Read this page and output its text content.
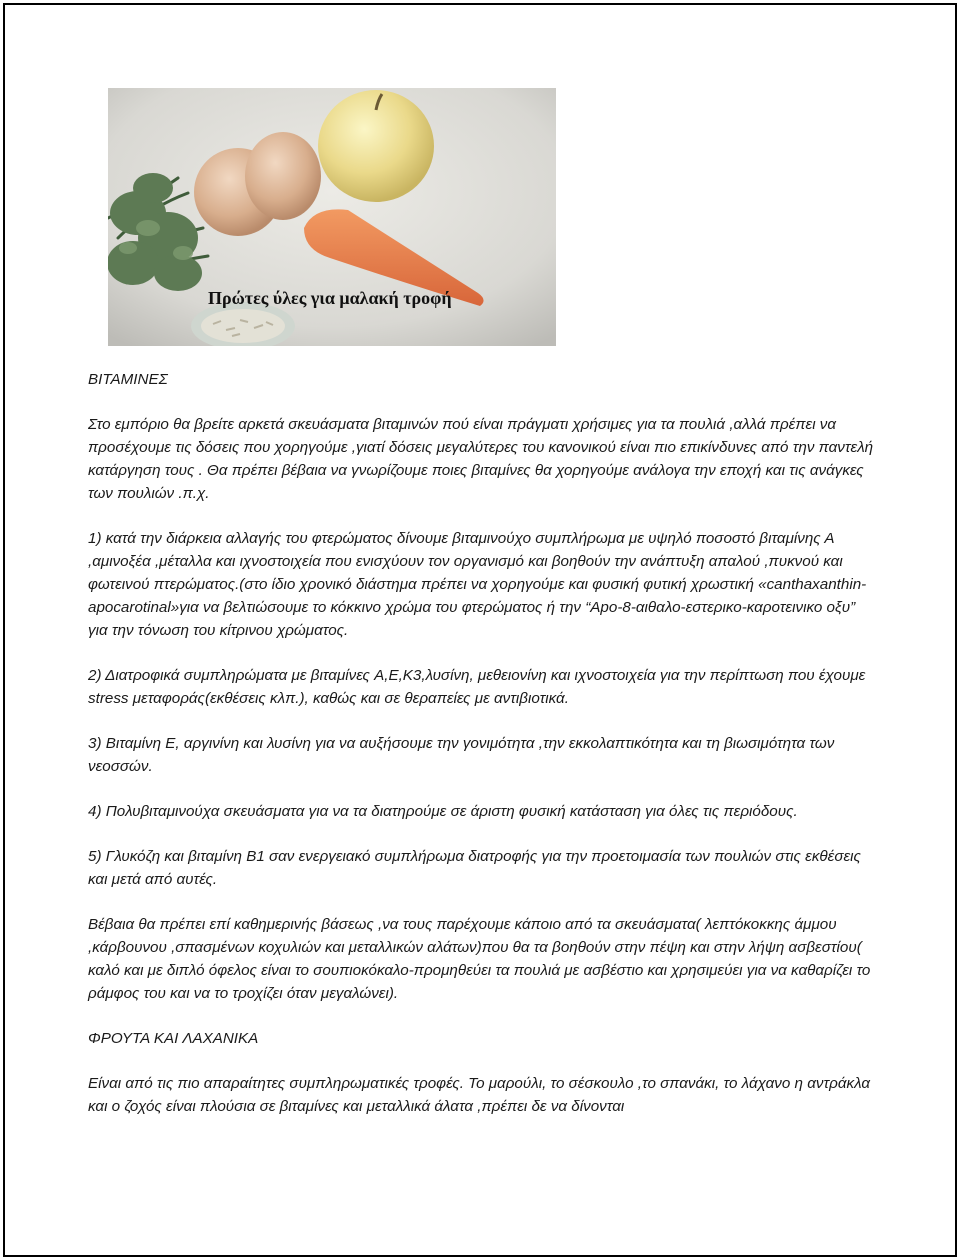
Πρώτες ύλες για μαλακή τροφή

ΒΙΤΑΜΙΝΕΣ

Στο εμπόριο θα βρείτε αρκετά σκευάσματα βιταμινών πού είναι πράγματι χρήσιμες για τα πουλιά ,αλλά πρέπει να προσέχουμε τις δόσεις που χορηγούμε ,γιατί δόσεις μεγαλύτερες του κανονικού είναι πιο επικίνδυνες από την παντελή κατάργηση τους . Θα πρέπει βέβαια να γνωρίζουμε ποιες βιταμίνες θα χορηγούμε ανάλογα την εποχή και τις ανάγκες των πουλιών .π.χ.

1) κατά την διάρκεια αλλαγής του φτερώματος δίνουμε βιταμινούχο συμπλήρωμα με υψηλό ποσοστό βιταμίνης Α ,αμινοξέα ,μέταλλα και ιχνοστοιχεία που ενισχύουν τον οργανισμό και βοηθούν την ανάπτυξη απαλού ,πυκνού και φωτεινού πτερώματος.(στο ίδιο χρονικό διάστημα πρέπει να χορηγούμε και φυσική φυτική χρωστική «canthaxanthin-apocarotinal»για να βελτιώσουμε το κόκκινο χρώμα του φτερώματος ή την “Apo-8-αιθαλο-εστερικο-καροτεινικο οξυ” για την τόνωση του κίτρινου χρώματος.

2) Διατροφικά συμπληρώματα με βιταμίνες A,E,K3,λυσίνη, μεθειονίνη και ιχνοστοιχεία για την περίπτωση που έχουμε stress μεταφοράς(εκθέσεις κλπ.), καθώς και σε θεραπείες με αντιβιοτικά.

3) Βιταμίνη Ε, αργινίνη και λυσίνη για να αυξήσουμε την γονιμότητα ,την εκκολαπτικότητα και τη βιωσιμότητα των νεοσσών.

4) Πολυβιταμινούχα σκευάσματα για να τα διατηρούμε σε άριστη φυσική κατάσταση για όλες τις περιόδους.

5) Γλυκόζη και βιταμίνη Β1 σαν ενεργειακό συμπλήρωμα διατροφής για την προετοιμασία των πουλιών στις εκθέσεις και μετά από αυτές.

Βέβαια θα πρέπει επί καθημερινής βάσεως ,να τους παρέχουμε κάποιο από τα σκευάσματα( λεπτόκοκκης άμμου ,κάρβουνου ,σπασμένων κοχυλιών και μεταλλικών αλάτων)που θα τα βοηθούν στην πέψη και στην λήψη ασβεστίου( καλό και με διπλό όφελος είναι το σουπιοκόκαλο-προμηθεύει τα πουλιά με ασβέστιο και χρησιμεύει για να καθαρίζει το ράμφος του και να το τροχίζει όταν μεγαλώνει).

ΦΡΟΥΤΑ ΚΑΙ ΛΑΧΑΝΙΚΑ

Είναι από τις πιο απαραίτητες συμπληρωματικές τροφές. Το μαρούλι, το σέσκουλο ,το σπανάκι, το λάχανο η αντράκλα και ο ζοχός είναι πλούσια σε βιταμίνες και μεταλλικά άλατα ,πρέπει δε να δίνονται
